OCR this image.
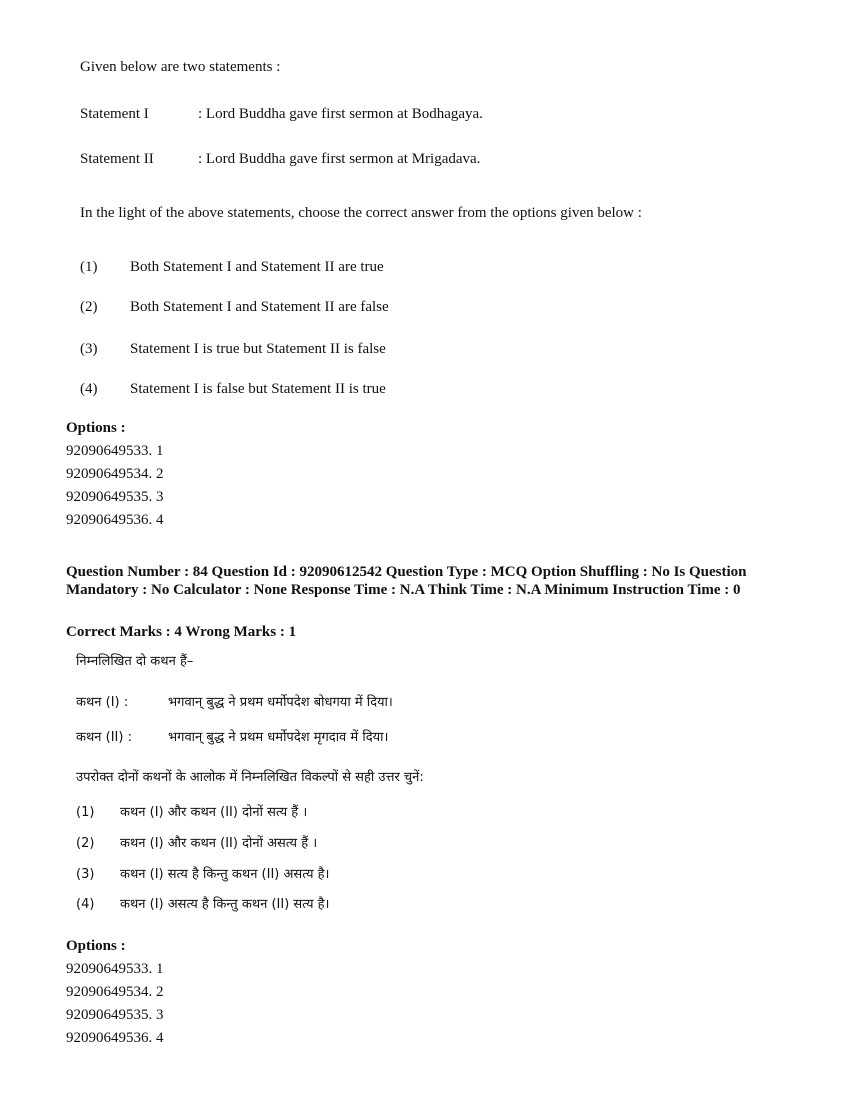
Given below are two statements :
Statement I	: Lord Buddha gave first sermon at Bodhagaya.
Statement II	: Lord Buddha gave first sermon at Mrigadava.
In the light of the above statements, choose the correct answer from the options given below :
(1) Both Statement I and Statement II are true
(2) Both Statement I and Statement II are false
(3) Statement I is true but Statement II is false
(4) Statement I is false but Statement II is true
Options :
92090649533. 1
92090649534. 2
92090649535. 3
92090649536. 4
Question Number : 84 Question Id : 92090612542 Question Type : MCQ Option Shuffling : No Is Question Mandatory : No Calculator : None Response Time : N.A Think Time : N.A Minimum Instruction Time : 0
Correct Marks : 4 Wrong Marks : 1
निम्नलिखित दो कथन हैं–
कथन (I) :	भगवान् बुद्ध ने प्रथम धर्मोपदेश बोधगया में दिया।
कथन (II) :	भगवान् बुद्ध ने प्रथम धर्मोपदेश मृगदाव में दिया।
उपरोक्त दोनों कथनों के आलोक में निम्नलिखित विकल्पों से सही उत्तर चुनें:
(1) कथन (I) और कथन (II) दोनों सत्य हैं ।
(2) कथन (I) और कथन (II) दोनों असत्य हैं ।
(3) कथन (I) सत्य है किन्तु कथन (II) असत्य है।
(4) कथन (I) असत्य है किन्तु कथन (II) सत्य है।
Options :
92090649533. 1
92090649534. 2
92090649535. 3
92090649536. 4
